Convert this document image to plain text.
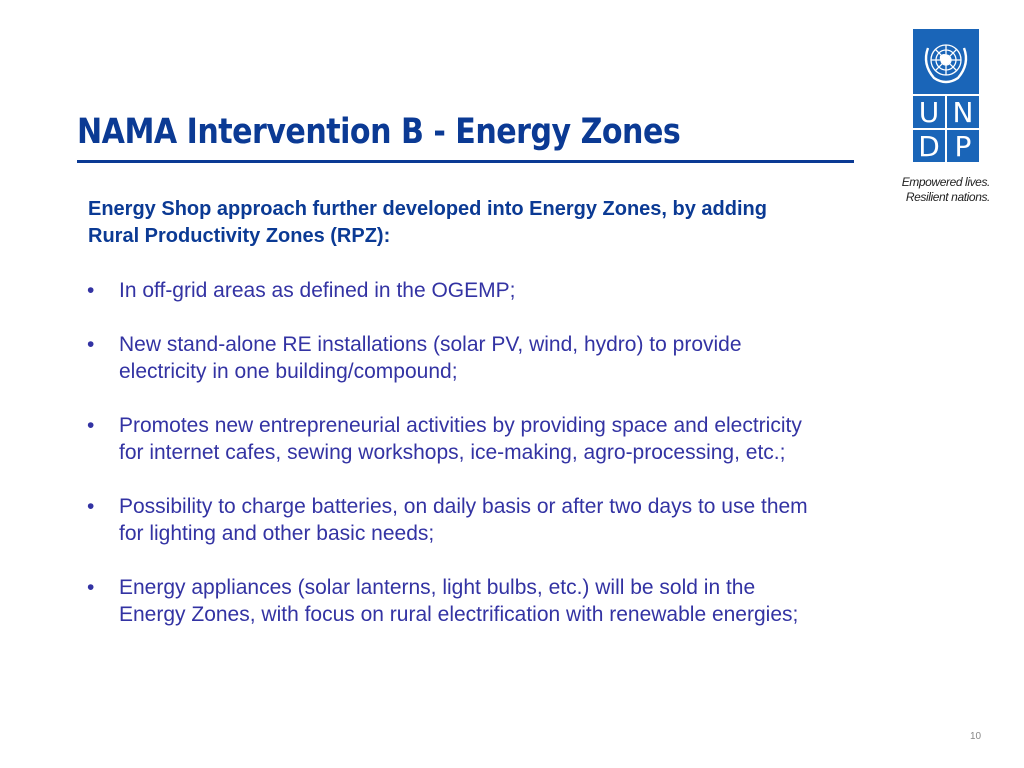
NAMA Intervention B - Energy Zones
Energy Shop approach further developed into Energy Zones, by adding Rural Productivity Zones (RPZ):
• In off-grid areas as defined in the OGEMP;
• New stand-alone RE installations (solar PV, wind, hydro) to provide electricity in one building/compound;
• Promotes new entrepreneurial activities by providing space and electricity for internet cafes, sewing workshops, ice-making, agro-processing, etc.;
• Possibility to charge batteries, on daily basis or after two days to use them for lighting and other basic needs;
• Energy appliances (solar lanterns, light bulbs, etc.) will be sold in the Energy Zones, with focus on rural electrification with renewable energies;
U N
D P
Empowered lives.
Resilient nations.
10
